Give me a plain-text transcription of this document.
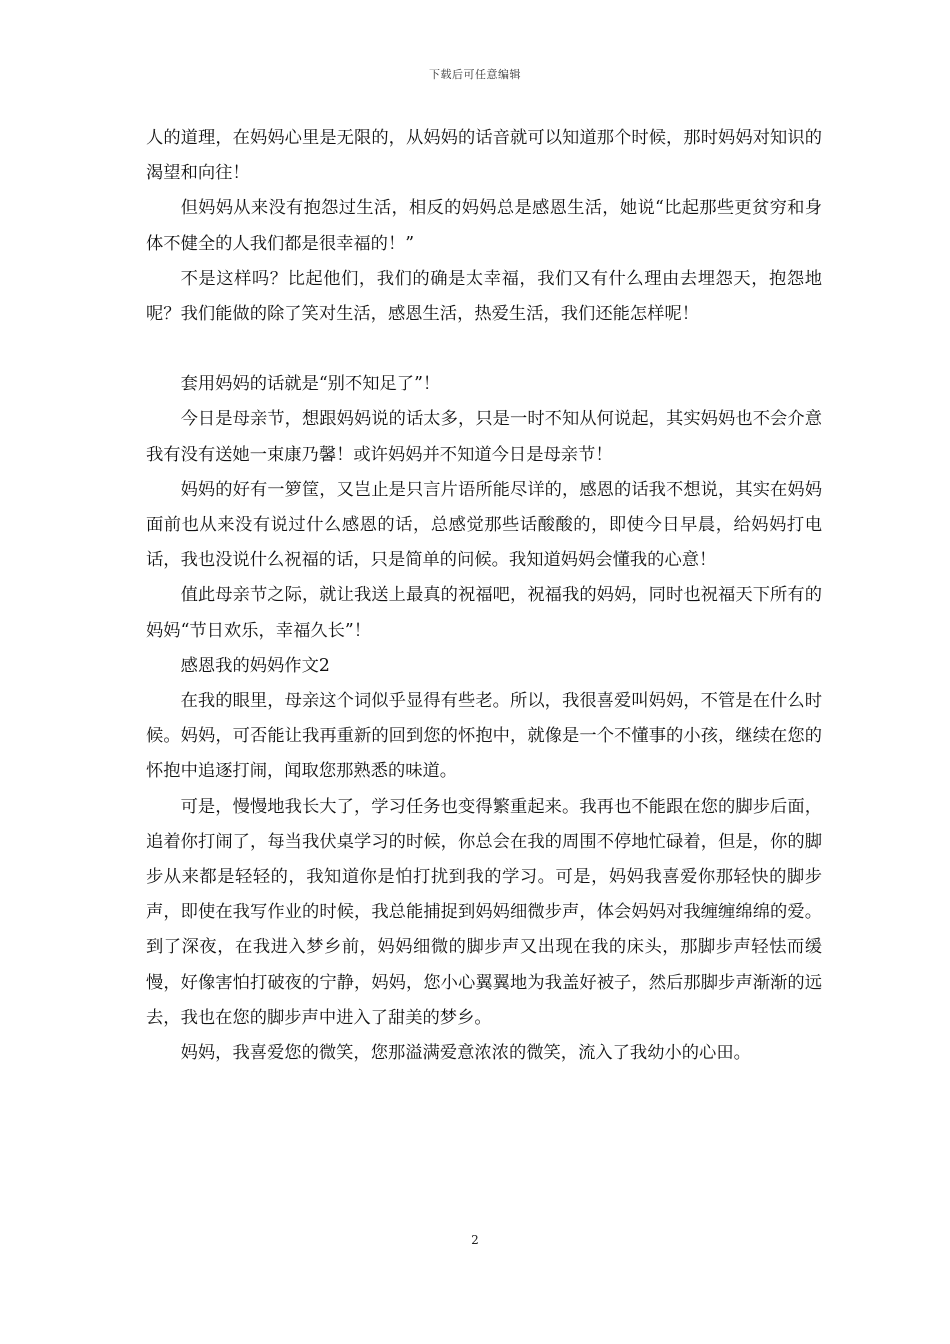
下载后可任意编辑

人的道理，在妈妈心里是无限的，从妈妈的话音就可以知道那个时候，那时妈妈对知识的渴望和向往！

但妈妈从来没有抱怨过生活，相反的妈妈总是感恩生活，她说“比起那些更贫穷和身体不健全的人我们都是很幸福的！”

不是这样吗？比起他们，我们的确是太幸福，我们又有什么理由去埋怨天，抱怨地呢？我们能做的除了笑对生活，感恩生活，热爱生活，我们还能怎样呢！

套用妈妈的话就是“别不知足了”！

今日是母亲节，想跟妈妈说的话太多，只是一时不知从何说起，其实妈妈也不会介意我有没有送她一束康乃馨！或许妈妈并不知道今日是母亲节！

妈妈的好有一箩筐，又岂止是只言片语所能尽详的，感恩的话我不想说，其实在妈妈面前也从来没有说过什么感恩的话，总感觉那些话酸酸的，即使今日早晨，给妈妈打电话，我也没说什么祝福的话，只是简单的问候。我知道妈妈会懂我的心意！

值此母亲节之际，就让我送上最真的祝福吧，祝福我的妈妈，同时也祝福天下所有的妈妈“节日欢乐，幸福久长”！

感恩我的妈妈作文2

在我的眼里，母亲这个词似乎显得有些老。所以，我很喜爱叫妈妈，不管是在什么时候。妈妈，可否能让我再重新的回到您的怀抱中，就像是一个不懂事的小孩，继续在您的怀抱中追逐打闹，闻取您那熟悉的味道。

可是，慢慢地我长大了，学习任务也变得繁重起来。我再也不能跟在您的脚步后面，追着你打闹了，每当我伏桌学习的时候，你总会在我的周围不停地忙碌着，但是，你的脚步从来都是轻轻的，我知道你是怕打扰到我的学习。可是，妈妈我喜爱你那轻快的脚步声，即使在我写作业的时候，我总能捕捉到妈妈细微步声，体会妈妈对我缠缠绵绵的爱。到了深夜，在我进入梦乡前，妈妈细微的脚步声又出现在我的床头，那脚步声轻怯而缓慢，好像害怕打破夜的宁静，妈妈，您小心翼翼地为我盖好被子，然后那脚步声渐渐的远去，我也在您的脚步声中进入了甜美的梦乡。

妈妈，我喜爱您的微笑，您那溢满爱意浓浓的微笑，流入了我幼小的心田。

2
